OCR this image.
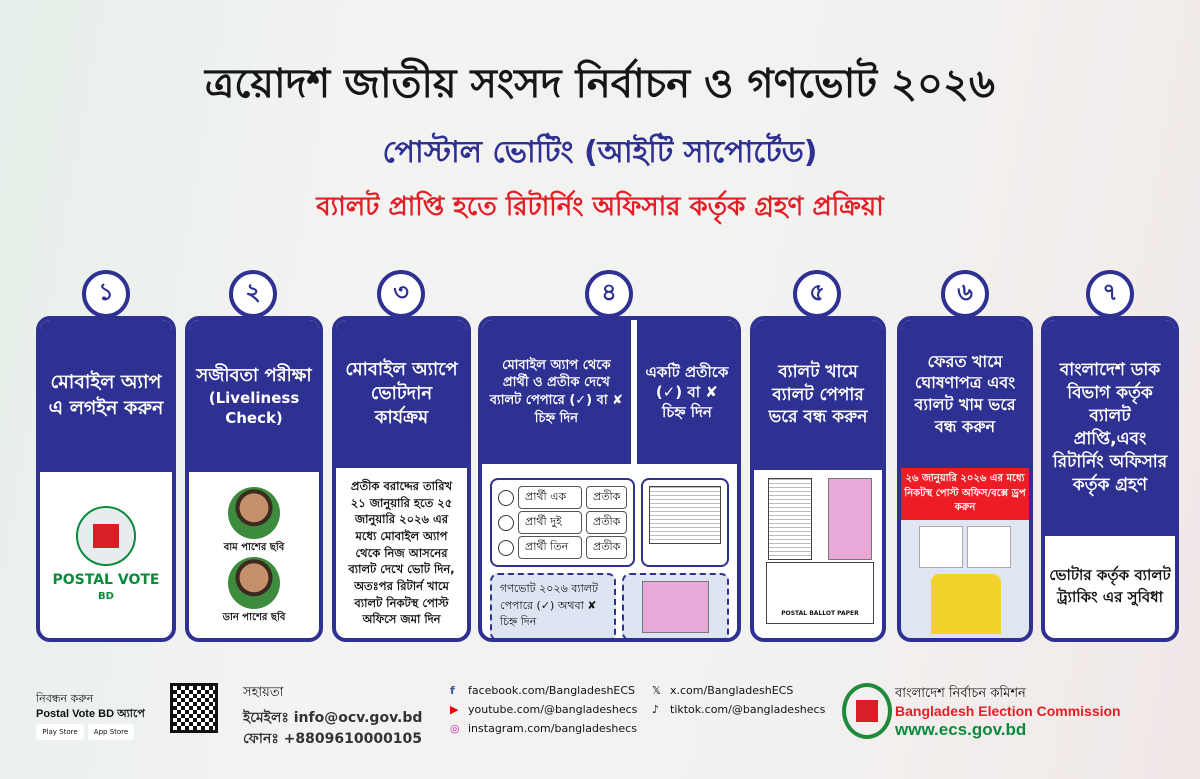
ত্রয়োদশ জাতীয় সংসদ নির্বাচন ও গণভোট ২০২৬
পোস্টাল ভোটিং (আইটি সাপোর্টেড)
ব্যালট প্রাপ্তি হতে রিটার্নিং অফিসার কর্তৃক গ্রহণ প্রক্রিয়া
১	২	৩	৪	৫	৬	৭
মোবাইল অ্যাপ এ লগইন করুন
POSTAL VOTE
BD
সজীবতা পরীক্ষা
(Liveliness Check)
বাম পাশের ছবি
ডান পাশের ছবি
মোবাইল অ্যাপে ভোটদান কার্যক্রম
প্রতীক বরাদ্দের তারিখ ২১ জানুয়ারি হতে ২৫ জানুয়ারি ২০২৬ এর মধ্যে মোবাইল অ্যাপ থেকে নিজ আসনের ব্যালট দেখে ভোট দিন, অতঃপর রিটার্ন খামে ব্যালট নিকটস্থ পোস্ট অফিসে জমা দিন
মোবাইল অ্যাপ থেকে প্রার্থী ও প্রতীক দেখে ব্যালট পেপারে (✓) বা ✘ চিহ্ন দিন
একটি প্রতীকে (✓) বা ✘ চিহ্ন দিন
প্রার্থী এক	প্রতীক
প্রার্থী দুই	প্রতীক
প্রার্থী তিন	প্রতীক
গণভোট ২০২৬ ব্যালট পেপারে (✓) অথবা ✘ চিহ্ন দিন
ব্যালট খামে ব্যালট পেপার ভরে বন্ধ করুন
POSTAL BALLOT PAPER
ফেরত খামে ঘোষণাপত্র এবং ব্যালট খাম ভরে বন্ধ করুন
২৬ জানুয়ারি ২০২৬ এর মধ্যে নিকটস্থ পোস্ট অফিস/বক্সে ড্রপ করুন
বাংলাদেশ ডাক বিভাগ কর্তৃক ব্যালট প্রাপ্তি,এবং রিটার্নিং অফিসার কর্তৃক গ্রহণ
ভোটার কর্তৃক ব্যালট ট্র্যাকিং এর সুবিধা
নিবন্ধন করুন
Postal Vote BD অ্যাপে
Play Store App Store
সহায়তা
ইমেইলঃ info@ocv.gov.bd
ফোনঃ +8809610000105
f facebook.com/BangladeshECS
▶ youtube.com/@bangladeshecs
◎ instagram.com/bangladeshecs
𝕏 x.com/BangladeshECS
♪ tiktok.com/@bangladeshecs
বাংলাদেশ নির্বাচন কমিশন
Bangladesh Election Commission
www.ecs.gov.bd
